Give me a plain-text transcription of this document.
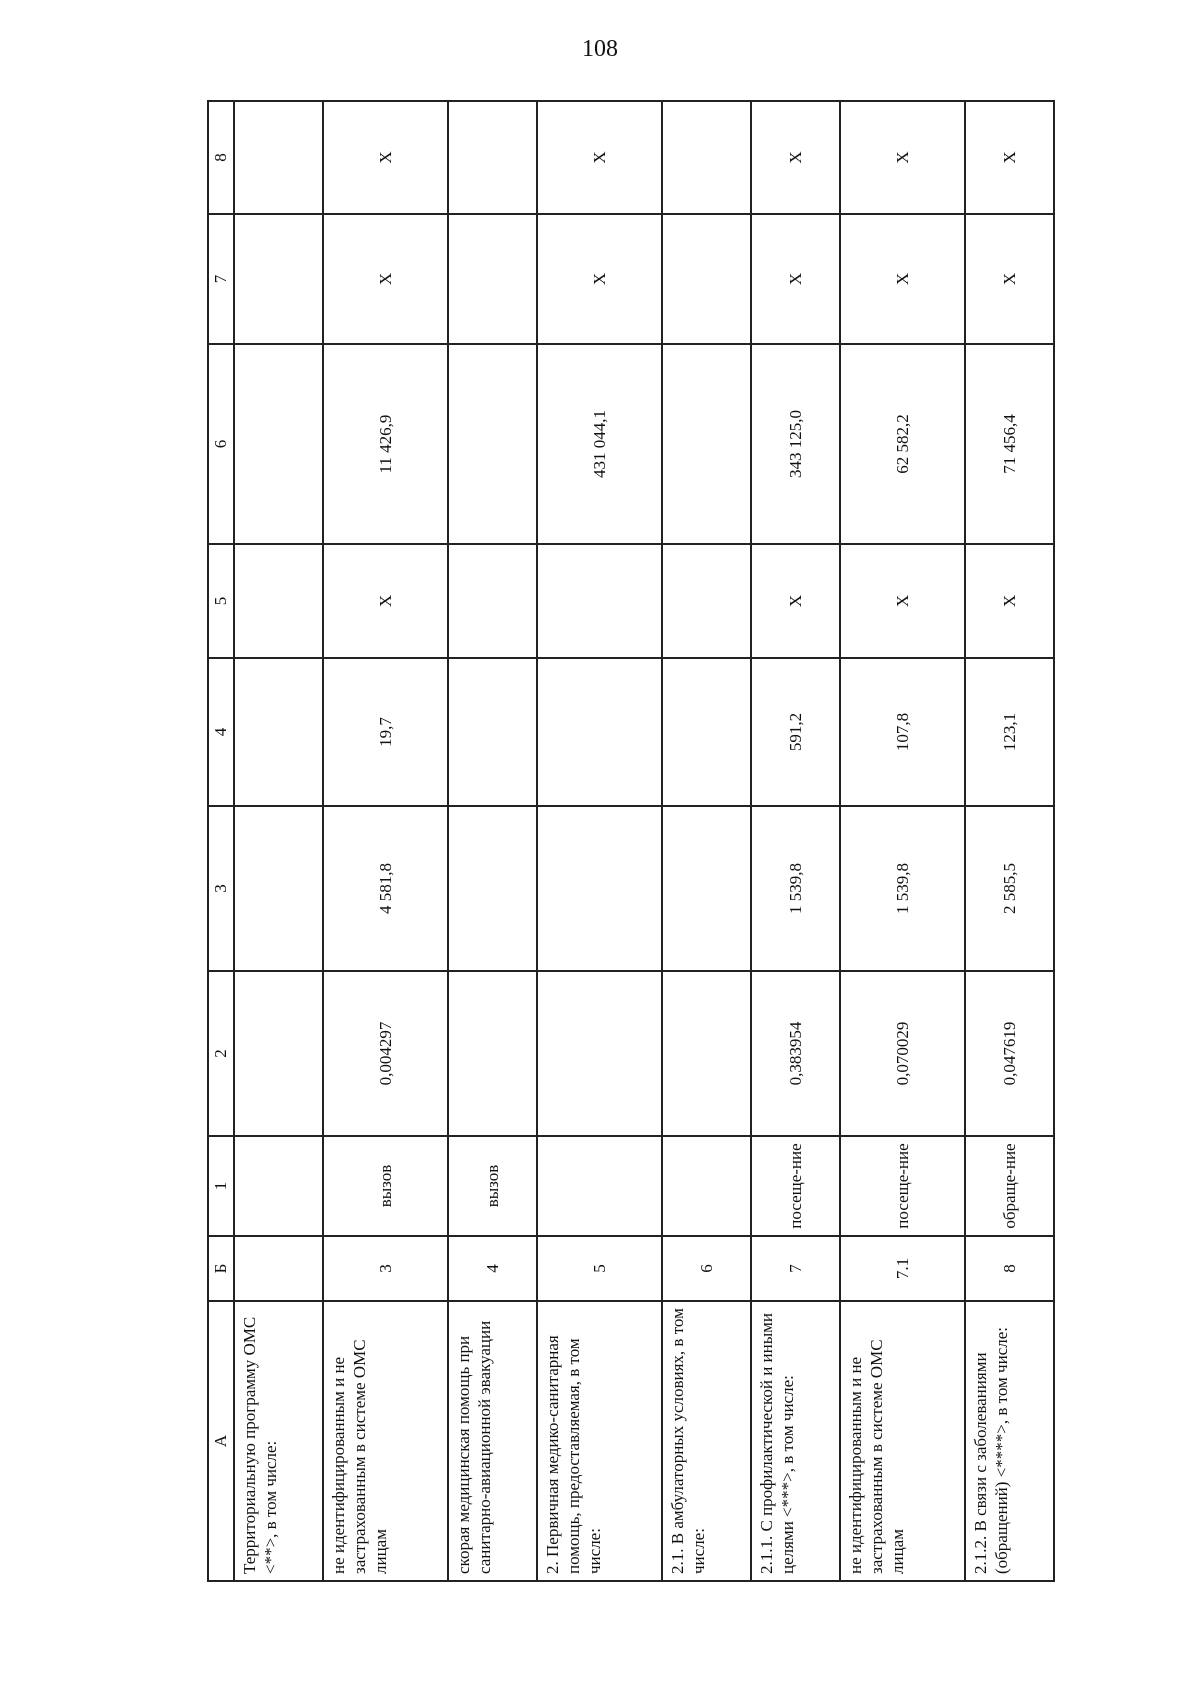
108
А	Б	1	2	3	4	5	6	7	8
Территориальную программу ОМС <**>, в том числе:									
не идентифицированным и не застрахованным в системе ОМС лицам	3	вызов	0,004297	4 581,8	19,7	X	11 426,9	X	X
скорая медицинская помощь при санитарно-авиационной эвакуации	4	вызов							
2. Первичная медико-санитарная помощь, предоставляемая, в том числе:	5						431 044,1	X	X
2.1. В амбулаторных условиях, в том числе:	6								
2.1.1. С профилактической и иными целями <***>, в том числе:	7	посеще-ние	0,383954	1 539,8	591,2	X	343 125,0	X	X
не идентифицированным и не застрахованным в системе ОМС лицам	7.1	посеще-ние	0,070029	1 539,8	107,8	X	62 582,2	X	X
2.1.2. В связи с заболеваниями (обращений) <****>, в том числе:	8	обраще-ние	0,047619	2 585,5	123,1	X	71 456,4	X	X
